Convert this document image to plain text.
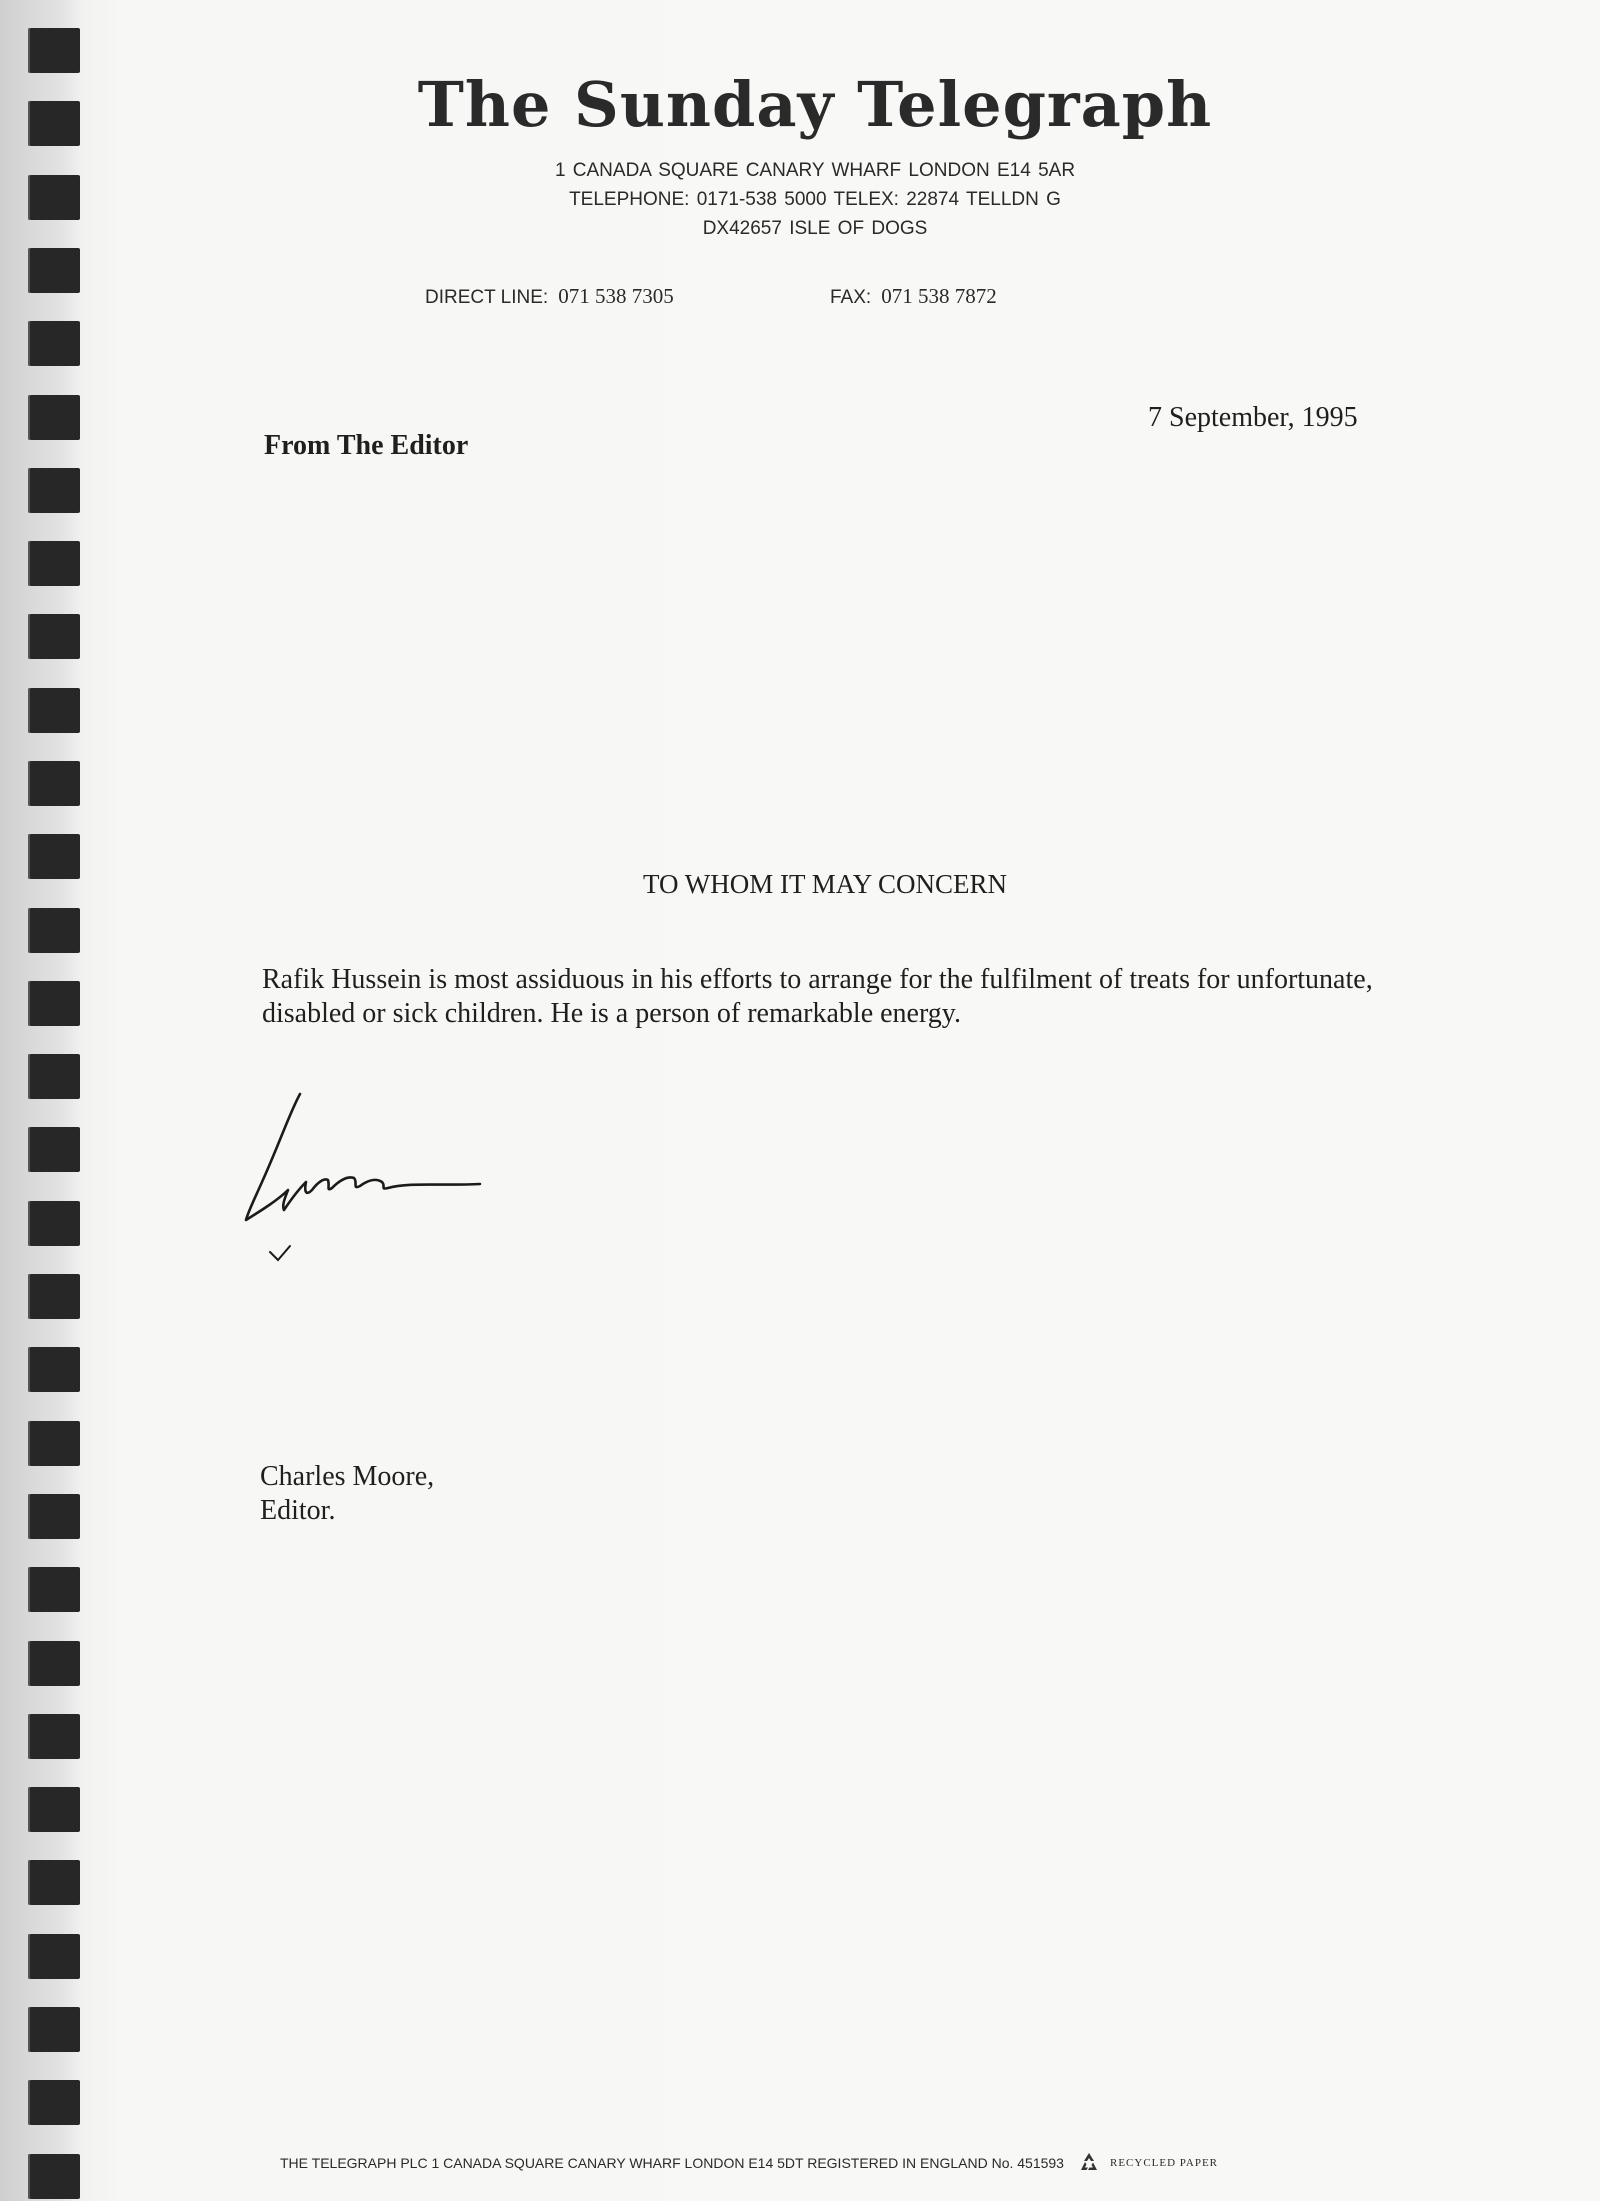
The Sunday Telegraph
1 CANADA SQUARE CANARY WHARF LONDON E14 5AR
TELEPHONE: 0171-538 5000 TELEX: 22874 TELLDN G
DX42657 ISLE OF DOGS
DIRECT LINE: 071 538 7305	FAX: 071 538 7872
7 September, 1995
From The Editor
TO WHOM IT MAY CONCERN
Rafik Hussein is most assiduous in his efforts to arrange for the fulfilment of treats for unfortunate, disabled or sick children. He is a person of remarkable energy.
Charles Moore,
Editor.
THE TELEGRAPH PLC 1 CANADA SQUARE CANARY WHARF LONDON E14 5DT REGISTERED IN ENGLAND No. 451593	RECYCLED PAPER
